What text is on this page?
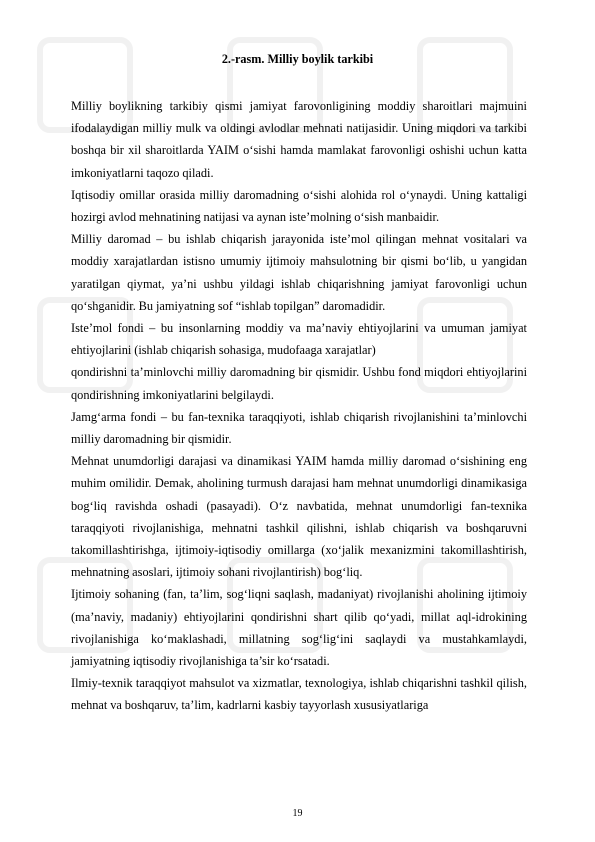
2.-rasm. Milliy boylik tarkibi

Milliy boylikning tarkibiy qismi jamiyat farovonligining moddiy sharoitlari majmuini ifodalaydigan milliy mulk va oldingi avlodlar mehnati natijasidir. Uning miqdori va tarkibi boshqa bir xil sharoitlarda YAIM o‘sishi hamda mamlakat farovonligi oshishi uchun katta imkoniyatlarni taqozo qiladi.

Iqtisodiy omillar orasida milliy daromadning o‘sishi alohida rol o‘ynaydi. Uning kattaligi hozirgi avlod mehnatining natijasi va aynan iste’molning o‘sish manbaidir.

Milliy daromad – bu ishlab chiqarish jarayonida iste’mol qilingan mehnat vositalari va moddiy xarajatlardan istisno umumiy ijtimoiy mahsulotning bir qismi bo‘lib, u yangidan yaratilgan qiymat, ya’ni ushbu yildagi ishlab chiqarishning jamiyat farovonligi uchun qo‘shganidir. Bu jamiyatning sof “ishlab topilgan” daromadidir.

Iste’mol fondi – bu insonlarning moddiy va ma’naviy ehtiyojlarini va umuman jamiyat ehtiyojlarini (ishlab chiqarish sohasiga, mudofaaga xarajatlar)

qondirishni ta’minlovchi milliy daromadning bir qismidir. Ushbu fond miqdori ehtiyojlarini qondirishning imkoniyatlarini belgilaydi.

Jamg‘arma fondi – bu fan-texnika taraqqiyoti, ishlab chiqarish rivojlanishini ta’minlovchi milliy daromadning bir qismidir.

Mehnat unumdorligi darajasi va dinamikasi YAIM hamda milliy daromad o‘sishining eng muhim omilidir. Demak, aholining turmush darajasi ham mehnat unumdorligi dinamikasiga bog‘liq ravishda oshadi (pasayadi). O‘z navbatida, mehnat unumdorligi fan-texnika taraqqiyoti rivojlanishiga, mehnatni tashkil qilishni, ishlab chiqarish va boshqaruvni takomillashtirishga, ijtimoiy-iqtisodiy omillarga (xo‘jalik mexanizmini takomillashtirish, mehnatning asoslari, ijtimoiy sohani rivojlantirish) bog‘liq.

Ijtimoiy sohaning (fan, ta’lim, sog‘liqni saqlash, madaniyat) rivojlanishi aholining ijtimoiy (ma’naviy, madaniy) ehtiyojlarini qondirishni shart qilib qo‘yadi, millat aql-idrokining rivojlanishiga ko‘maklashadi, millatning sog‘lig‘ini saqlaydi va mustahkamlaydi, jamiyatning iqtisodiy rivojlanishiga ta’sir ko‘rsatadi.

Ilmiy-texnik taraqqiyot mahsulot va xizmatlar, texnologiya, ishlab chiqarishni tashkil qilish, mehnat va boshqaruv, ta’lim, kadrlarni kasbiy tayyorlash xususiyatlariga

19
